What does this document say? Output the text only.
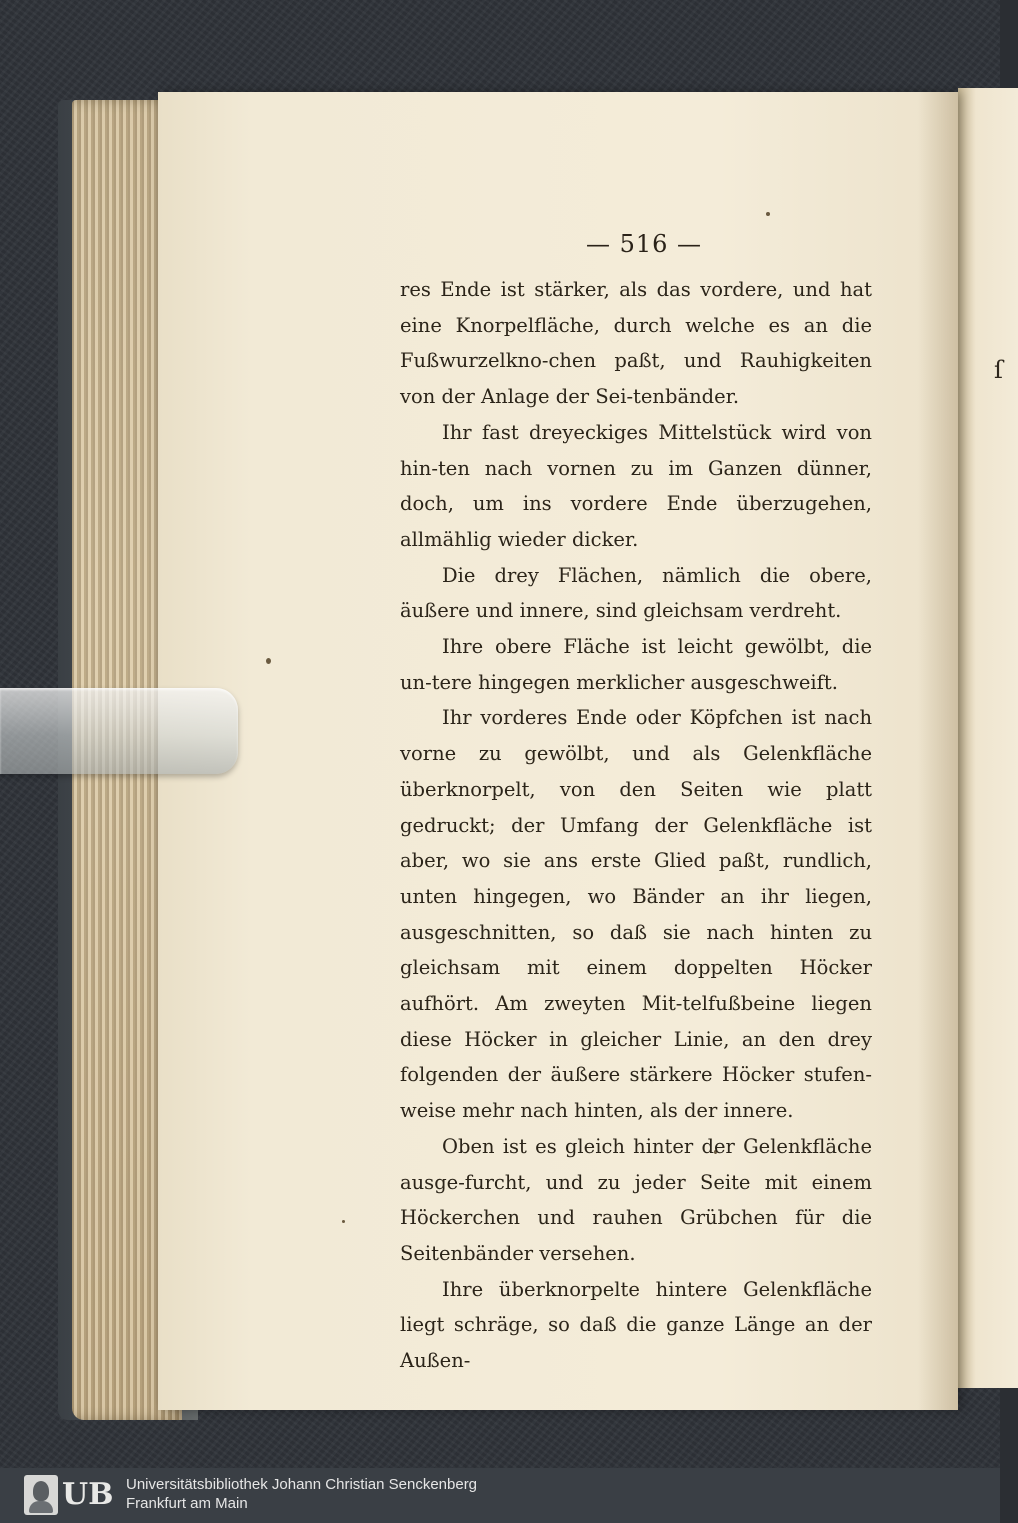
ſ
— 516 —

res Ende ist stärker, als das vordere, und hat eine Knorpelfläche, durch welche es an die Fußwurzelkno-chen paßt, und Rauhigkeiten von der Anlage der Sei-tenbänder.

Ihr fast dreyeckiges Mittelstück wird von hin-ten nach vornen zu im Ganzen dünner, doch, um ins vordere Ende überzugehen, allmählig wieder dicker.

Die drey Flächen, nämlich die obere, äußere und innere, sind gleichsam verdreht.

Ihre obere Fläche ist leicht gewölbt, die un-tere hingegen merklicher ausgeschweift.

Ihr vorderes Ende oder Köpfchen ist nach vorne zu gewölbt, und als Gelenkfläche überknorpelt, von den Seiten wie platt gedruckt; der Umfang der Gelenkfläche ist aber, wo sie ans erste Glied paßt, rundlich, unten hingegen, wo Bänder an ihr liegen, ausgeschnitten, so daß sie nach hinten zu gleichsam mit einem doppelten Höcker aufhört. Am zweyten Mit-telfußbeine liegen diese Höcker in gleicher Linie, an den drey folgenden der äußere stärkere Höcker stufen-weise mehr nach hinten, als der innere.

Oben ist es gleich hinter der Gelenkfläche ausge-furcht, und zu jeder Seite mit einem Höckerchen und rauhen Grübchen für die Seitenbänder versehen.

Ihre überknorpelte hintere Gelenkfläche liegt schräge, so daß die ganze Länge an der Außen-

UB Universitätsbibliothek Johann Christian Senckenberg
Frankfurt am Main
